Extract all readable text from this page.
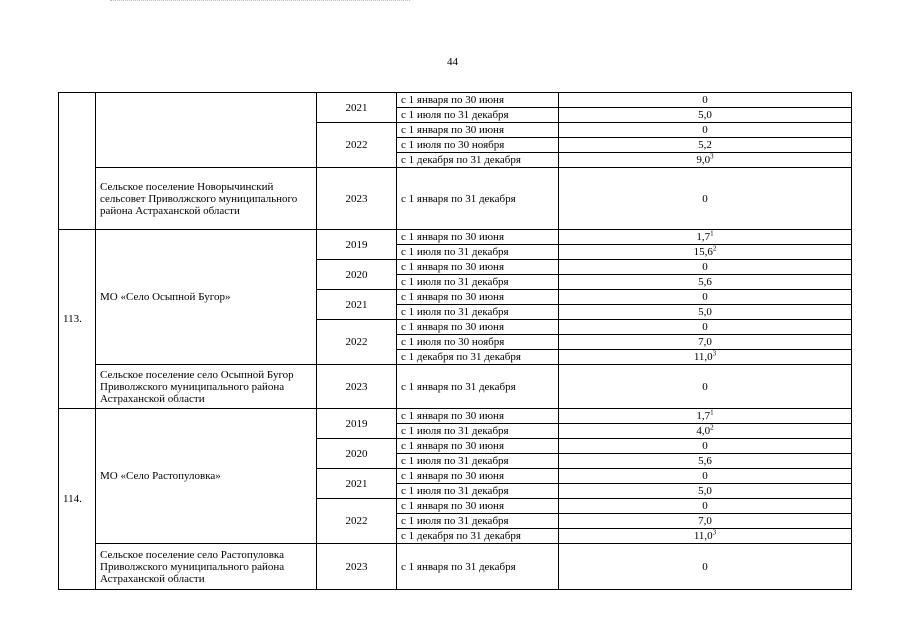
44
		2021	с 1 января по 30 июня	0
			с 1 июля по 31 декабря	5,0
		2022	с 1 января по 30 июня	0
			с 1 июля по 30 ноября	5,2
			с 1 декабря по 31 декабря	$9,0^3$
	Сельское поселение Новорычинский сельсовет Приволжского муниципального района Астраханской области	2023	с 1 января по 31 декабря	0
113.	МО «Село Осыпной Бугор»	2019	с 1 января по 30 июня	$1,7^1$
			с 1 июля по 31 декабря	15,6$^2$
		2020	с 1 января по 30 июня	0
			с 1 июля по 31 декабря	5,6
		2021	с 1 января по 30 июня	0
			с 1 июля по 31 декабря	5,0
		2022	с 1 января по 30 июня	0
			с 1 июля по 30 ноября	7,0
			с 1 декабря по 31 декабря	11,0$^3$
	Сельское поселение село Осыпной Бугор Приволжского муниципального района Астраханской области	2023	с 1 января по 31 декабря	0
114.	МО «Село Растопуловка»	2019	с 1 января по 30 июня	$1,7^1$
			с 1 июля по 31 декабря	$4,0^2$
		2020	с 1 января по 30 июня	0
			с 1 июля по 31 декабря	5,6
		2021	с 1 января по 30 июня	0
			с 1 июля по 31 декабря	5,0
		2022	с 1 января по 30 июня	0
			с 1 июля по 31 декабря	7,0
			с 1 декабря по 31 декабря	11,0$^3$
	Сельское поселение село Растопуловка Приволжского муниципального района Астраханской области	2023	с 1 января по 31 декабря	0
